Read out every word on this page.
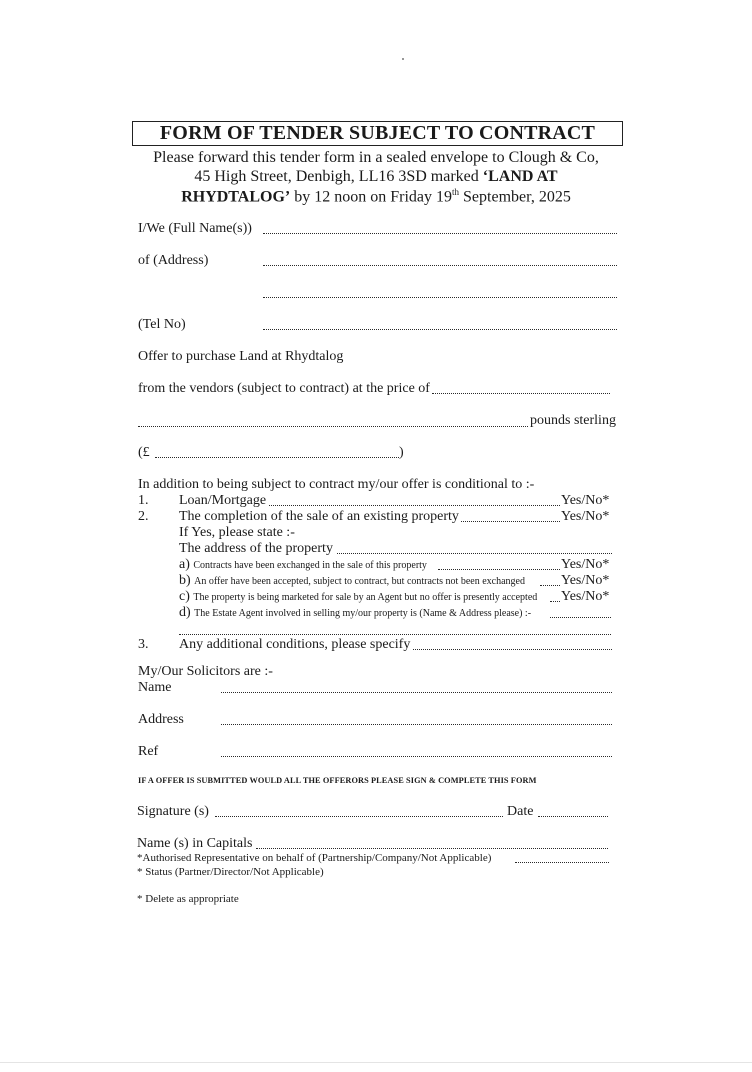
FORM OF TENDER SUBJECT TO CONTRACT
Please forward this tender form in a sealed envelope to Clough & Co,
45 High Street, Denbigh, LL16 3SD marked ‘LAND AT
RHYDTALOG’ by 12 noon on Friday 19th September, 2025
I/We (Full Name(s))
of (Address)
(Tel No)
Offer to purchase Land at Rhydtalog
from the vendors (subject to contract) at the price of
pounds sterling
(£	)
In addition to being subject to contract my/our offer is conditional to :-
1. Loan/Mortgage	Yes/No*
2. The completion of the sale of an existing property	Yes/No*
If Yes, please state :-
The address of the property
a) Contracts have been exchanged in the sale of this property	Yes/No*
b) An offer have been accepted, subject to contract, but contracts not been exchanged	Yes/No*
c) The property is being marketed for sale by an Agent but no offer is presently accepted Yes/No*
d) The Estate Agent involved in selling my/our property is (Name & Address please) :-
3. Any additional conditions, please specify
My/Our Solicitors are :-
Name
Address
Ref
IF A OFFER IS SUBMITTED WOULD ALL THE OFFERORS PLEASE SIGN & COMPLETE THIS FORM
Signature (s)	Date
Name (s) in Capitals
*Authorised Representative on behalf of (Partnership/Company/Not Applicable)
* Status (Partner/Director/Not Applicable)
* Delete as appropriate
